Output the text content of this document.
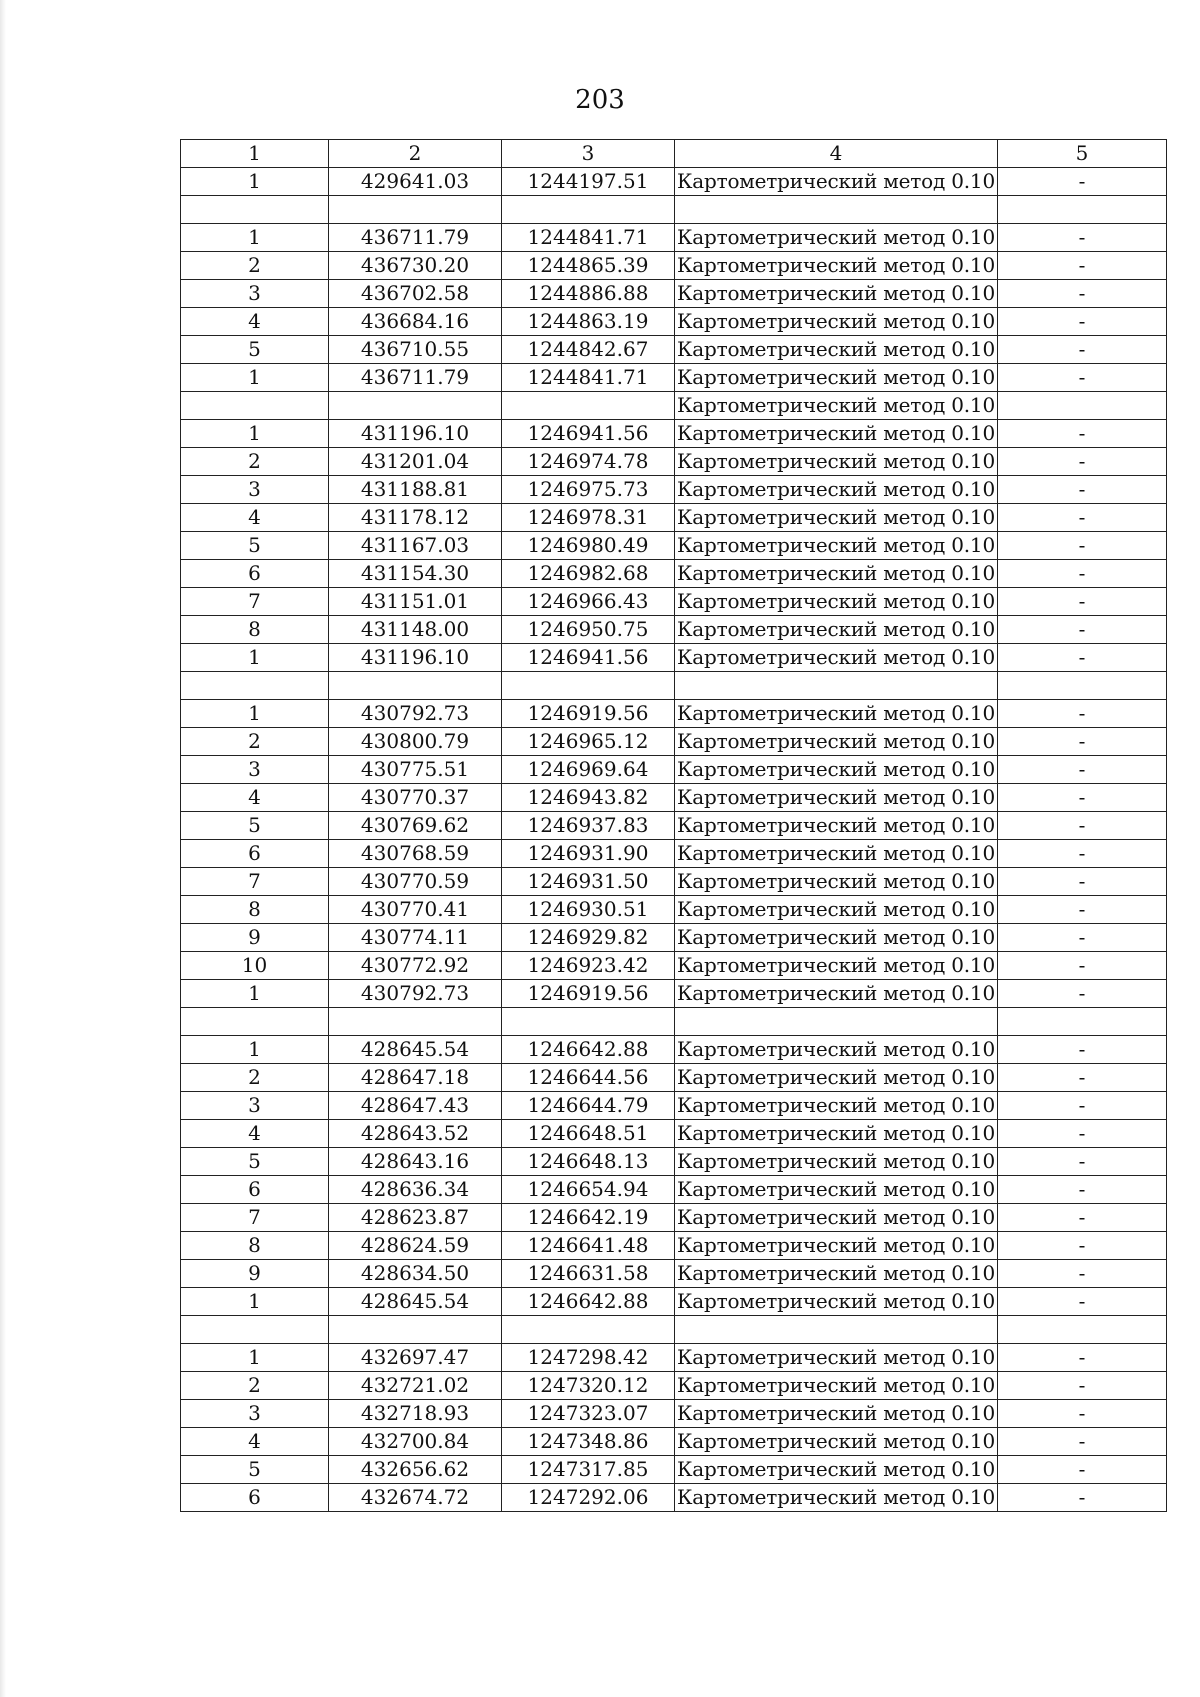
203
1	2	3	4	5
1	429641.03	1244197.51	Картометрический метод 0.10	-

1	436711.79	1244841.71	Картометрический метод 0.10	-
2	436730.20	1244865.39	Картометрический метод 0.10	-
3	436702.58	1244886.88	Картометрический метод 0.10	-
4	436684.16	1244863.19	Картометрический метод 0.10	-
5	436710.55	1244842.67	Картометрический метод 0.10	-
1	436711.79	1244841.71	Картометрический метод 0.10	-
			Картометрический метод 0.10	
1	431196.10	1246941.56	Картометрический метод 0.10	-
2	431201.04	1246974.78	Картометрический метод 0.10	-
3	431188.81	1246975.73	Картометрический метод 0.10	-
4	431178.12	1246978.31	Картометрический метод 0.10	-
5	431167.03	1246980.49	Картометрический метод 0.10	-
6	431154.30	1246982.68	Картометрический метод 0.10	-
7	431151.01	1246966.43	Картометрический метод 0.10	-
8	431148.00	1246950.75	Картометрический метод 0.10	-
1	431196.10	1246941.56	Картометрический метод 0.10	-

1	430792.73	1246919.56	Картометрический метод 0.10	-
2	430800.79	1246965.12	Картометрический метод 0.10	-
3	430775.51	1246969.64	Картометрический метод 0.10	-
4	430770.37	1246943.82	Картометрический метод 0.10	-
5	430769.62	1246937.83	Картометрический метод 0.10	-
6	430768.59	1246931.90	Картометрический метод 0.10	-
7	430770.59	1246931.50	Картометрический метод 0.10	-
8	430770.41	1246930.51	Картометрический метод 0.10	-
9	430774.11	1246929.82	Картометрический метод 0.10	-
10	430772.92	1246923.42	Картометрический метод 0.10	-
1	430792.73	1246919.56	Картометрический метод 0.10	-

1	428645.54	1246642.88	Картометрический метод 0.10	-
2	428647.18	1246644.56	Картометрический метод 0.10	-
3	428647.43	1246644.79	Картометрический метод 0.10	-
4	428643.52	1246648.51	Картометрический метод 0.10	-
5	428643.16	1246648.13	Картометрический метод 0.10	-
6	428636.34	1246654.94	Картометрический метод 0.10	-
7	428623.87	1246642.19	Картометрический метод 0.10	-
8	428624.59	1246641.48	Картометрический метод 0.10	-
9	428634.50	1246631.58	Картометрический метод 0.10	-
1	428645.54	1246642.88	Картометрический метод 0.10	-

1	432697.47	1247298.42	Картометрический метод 0.10	-
2	432721.02	1247320.12	Картометрический метод 0.10	-
3	432718.93	1247323.07	Картометрический метод 0.10	-
4	432700.84	1247348.86	Картометрический метод 0.10	-
5	432656.62	1247317.85	Картометрический метод 0.10	-
6	432674.72	1247292.06	Картометрический метод 0.10	-
